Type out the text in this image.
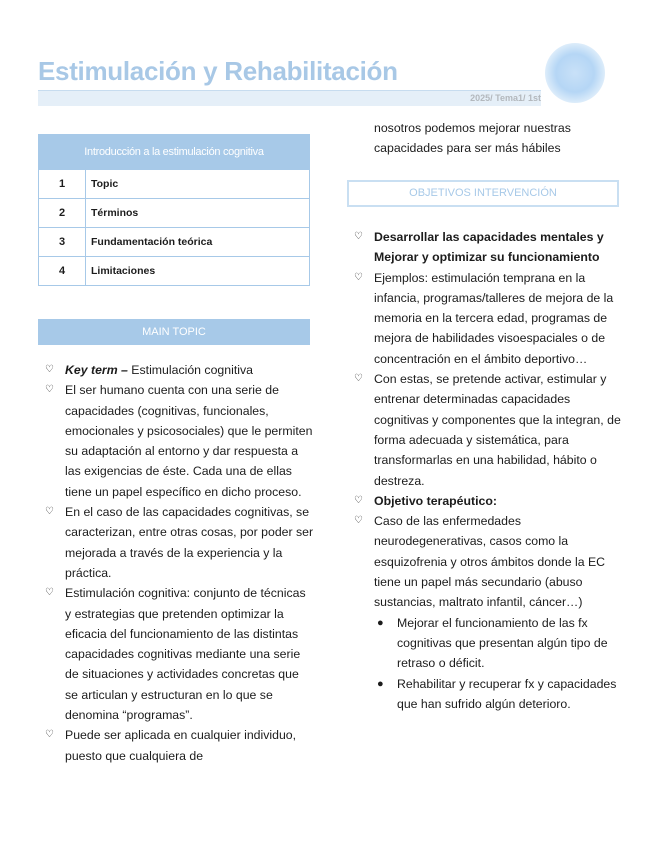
Estimulación y Rehabilitación
2025/ Tema1/ 1st
Introducción a la estimulación cognitiva	
1	Topic
2	Términos
3	Fundamentación teórica
4	Limitaciones
MAIN TOPIC
♡ Key term – Estimulación cognitiva
♡ El ser humano cuenta con una serie de capacidades (cognitivas, funcionales, emocionales y psicosociales) que le permiten su adaptación al entorno y dar respuesta a las exigencias de éste. Cada una de ellas tiene un papel específico en dicho proceso.
♡ En el caso de las capacidades cognitivas, se caracterizan, entre otras cosas, por poder ser mejorada a través de la experiencia y la práctica.
♡ Estimulación cognitiva: conjunto de técnicas y estrategias que pretenden optimizar la eficacia del funcionamiento de las distintas capacidades cognitivas mediante una serie de situaciones y actividades concretas que se articulan y estructuran en lo que se denomina “programas”.
♡ Puede ser aplicada en cualquier individuo, puesto que cualquiera de
nosotros podemos mejorar nuestras capacidades para ser más hábiles
OBJETIVOS INTERVENCIÓN
♡ Desarrollar las capacidades mentales y Mejorar y optimizar su funcionamiento
♡ Ejemplos: estimulación temprana en la infancia, programas/talleres de mejora de la memoria en la tercera edad, programas de mejora de habilidades visoespaciales o de concentración en el ámbito deportivo…
♡ Con estas, se pretende activar, estimular y entrenar determinadas capacidades cognitivas y componentes que la integran, de forma adecuada y sistemática, para transformarlas en una habilidad, hábito o destreza.
♡ Objetivo terapéutico:
♡ Caso de las enfermedades neurodegenerativas, casos como la esquizofrenia y otros ámbitos donde la EC tiene un papel más secundario (abuso sustancias, maltrato infantil, cáncer…)
● Mejorar el funcionamiento de las fx cognitivas que presentan algún tipo de retraso o déficit.
● Rehabilitar y recuperar fx y capacidades que han sufrido algún deterioro.
